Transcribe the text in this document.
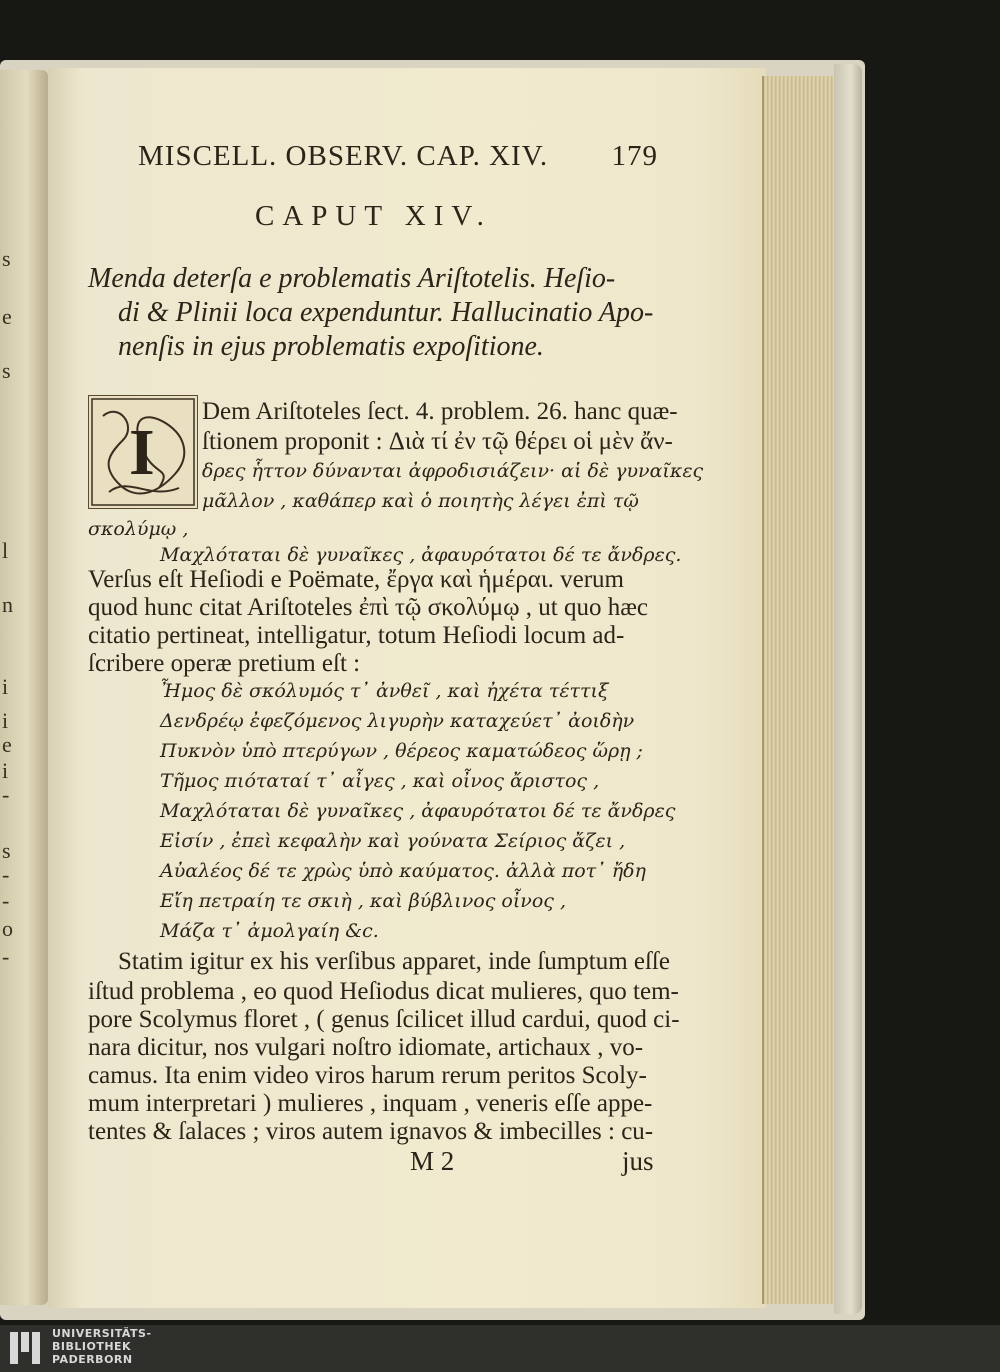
s
e
s
l
n
i
i
e
i
-
s
-
-
o
-
MISCELL. OBSERV. CAP. XIV. 179
CAPUT XIV.
Menda deterſa e problematis Ariſtotelis. Heſio-
di & Plinii loca expenduntur. Hallucinatio Apo-
nenſis in ejus problematis expoſitione.
I
Dem Ariſtoteles ſect. 4. problem. 26. hanc quæ-
ſtionem proponit : Διὰ τί ἐν τῷ θέρει οἱ μὲν ἄν-
δρες ἧττον δύνανται ἀφροδισιάζειν· αἱ δὲ γυναῖκες
μᾶλλον , καθάπερ καὶ ὁ ποιητὴς λέγει ἐπὶ τῷ
σκολύμῳ ,
Μαχλόταται δὲ γυναῖκες , ἀφαυρότατοι δέ τε ἄνδρες.
Verſus eſt Heſiodi e Poëmate, ἔργα καὶ ἡμέραι. verum
quod hunc citat Ariſtoteles ἐπὶ τῷ σκολύμῳ , ut quo hæc
citatio pertineat, intelligatur, totum Heſiodi locum ad-
ſcribere operæ pretium eſt :
Ἦμος δὲ σκόλυμός τ᾽ ἀνθεῖ , καὶ ἠχέτα τέττιξ
Δενδρέῳ ἐφεζόμενος λιγυρὴν καταχεύετ᾽ ἀοιδὴν
Πυκνὸν ὑπὸ πτερύγων , θέρεος καματώδεος ὥρῃ ;
Τῆμος πιόταταί τ᾽ αἶγες , καὶ οἶνος ἄριστος ,
Μαχλόταται δὲ γυναῖκες , ἀφαυρότατοι δέ τε ἄνδρες
Εἰσίν , ἐπεὶ κεφαλὴν καὶ γούνατα Σείριος ἄζει ,
Αὐαλέος δέ τε χρὼς ὑπὸ καύματος. ἀλλὰ ποτ᾽ ἤδη
Εἴη πετραίη τε σκιὴ , καὶ βύβλινος οἶνος ,
Μάζα τ᾽ ἀμολγαίη &c.
Statim igitur ex his verſibus apparet, inde ſumptum eſſe
iſtud problema , eo quod Heſiodus dicat mulieres, quo tem-
pore Scolymus floret , ( genus ſcilicet illud cardui, quod ci-
nara dicitur, nos vulgari noſtro idiomate, artichaux , vo-
camus. Ita enim video viros harum rerum peritos Scoly-
mum interpretari ) mulieres , inquam , veneris eſſe appe-
tentes & ſalaces ; viros autem ignavos & imbecilles : cu-
M 2	jus
UNIVERSITÄTS-
BIBLIOTHEK
PADERBORN
